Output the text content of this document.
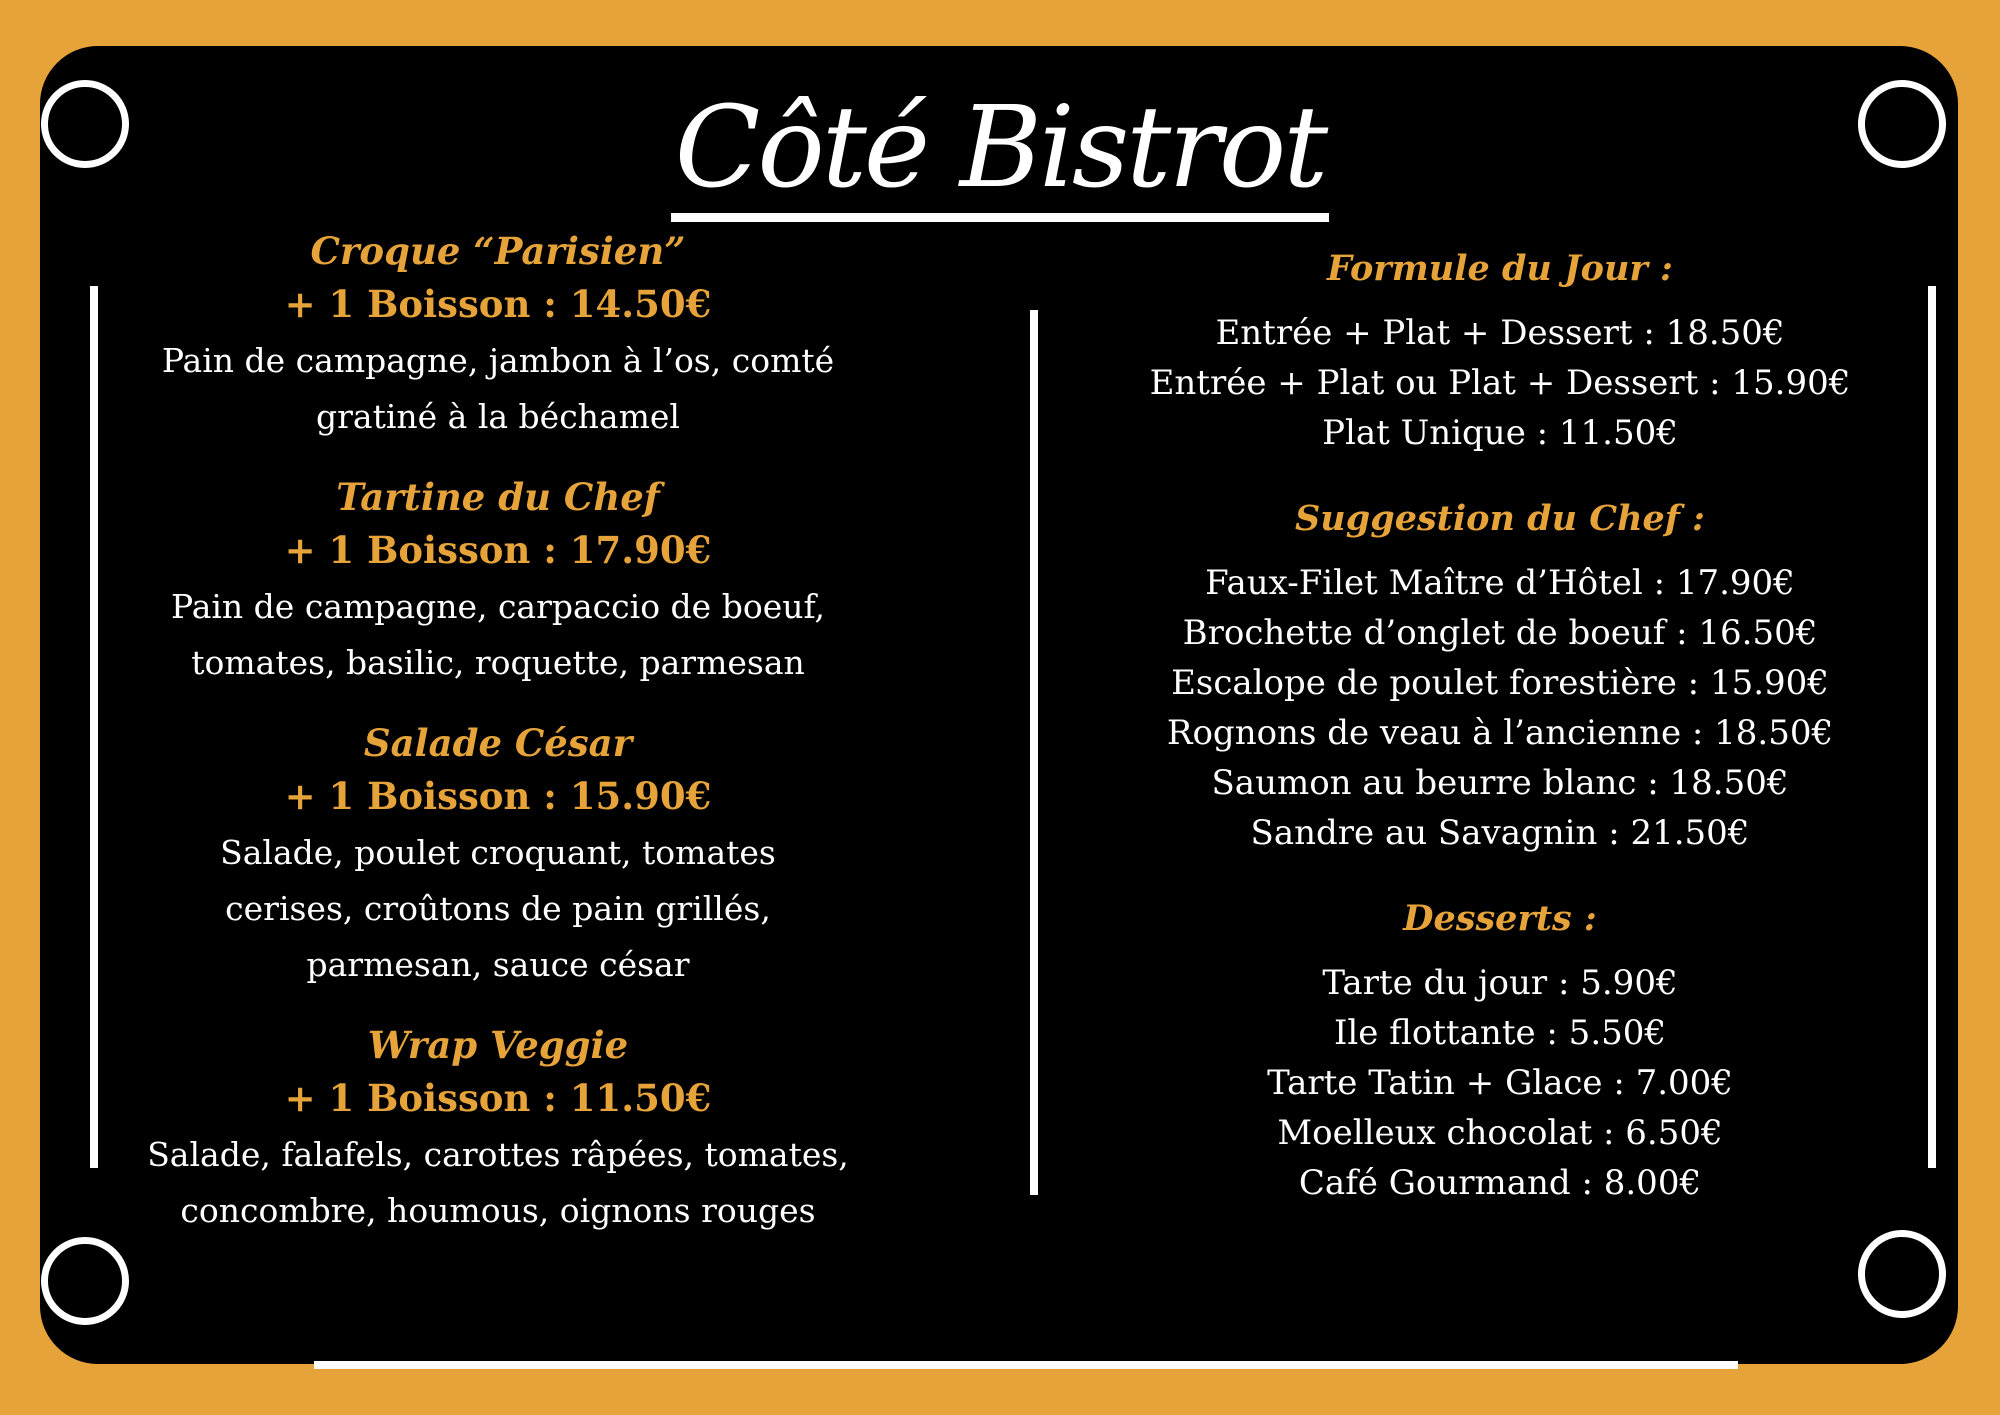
Côté Bistrot
Croque “Parisien”
+ 1 Boisson : 14.50€
Pain de campagne, jambon à l’os, comté
gratiné à la béchamel
Tartine du Chef
+ 1 Boisson : 17.90€
Pain de campagne, carpaccio de boeuf,
tomates, basilic, roquette, parmesan
Salade César
+ 1 Boisson : 15.90€
Salade, poulet croquant, tomates
cerises, croûtons de pain grillés,
parmesan, sauce césar
Wrap Veggie
+ 1 Boisson : 11.50€
Salade, falafels, carottes râpées, tomates,
concombre, houmous, oignons rouges
Formule du Jour :
Entrée + Plat + Dessert : 18.50€
Entrée + Plat ou Plat + Dessert : 15.90€
Plat Unique : 11.50€
Suggestion du Chef :
Faux-Filet Maître d’Hôtel : 17.90€
Brochette d’onglet de boeuf : 16.50€
Escalope de poulet forestière : 15.90€
Rognons de veau à l’ancienne : 18.50€
Saumon au beurre blanc : 18.50€
Sandre au Savagnin : 21.50€
Desserts :
Tarte du jour : 5.90€
Ile flottante : 5.50€
Tarte Tatin + Glace : 7.00€
Moelleux chocolat : 6.50€
Café Gourmand : 8.00€
